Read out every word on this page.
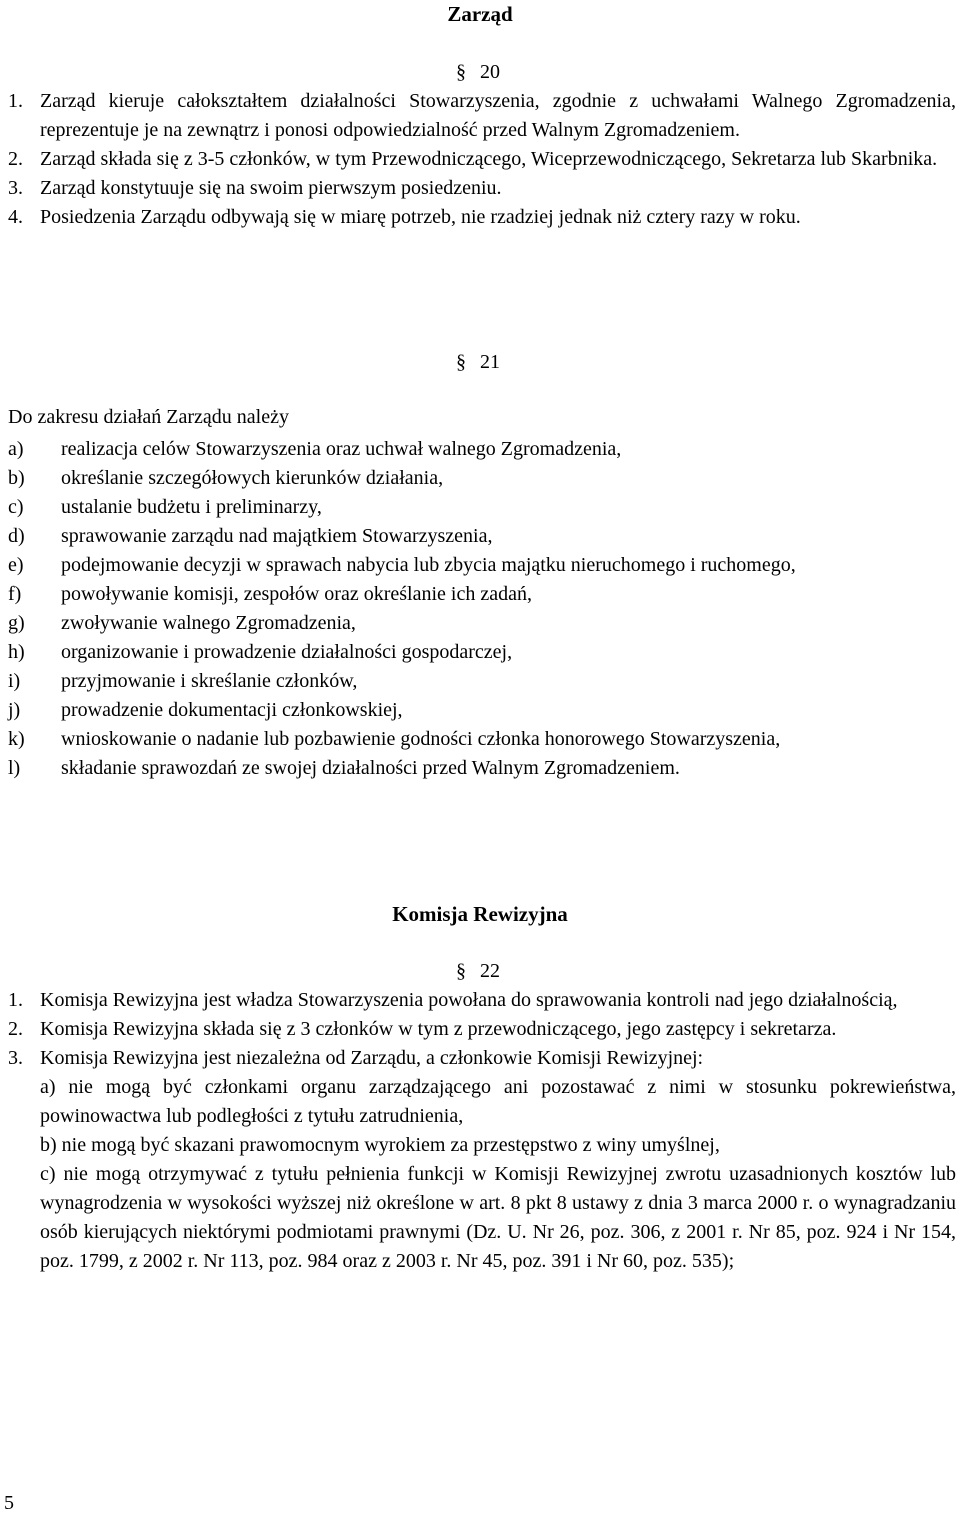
Zarząd

§ 20

1. Zarząd kieruje całokształtem działalności Stowarzyszenia, zgodnie z uchwałami Walnego Zgromadzenia, reprezentuje je na zewnątrz i ponosi odpowiedzialność przed Walnym Zgromadzeniem.
2. Zarząd składa się z 3-5 członków, w tym Przewodniczącego, Wiceprzewodniczącego, Sekretarza lub Skarbnika.
3. Zarząd konstytuuje się na swoim pierwszym posiedzeniu.
4. Posiedzenia Zarządu odbywają się w miarę potrzeb, nie rzadziej jednak niż cztery razy w roku.

§ 21

Do zakresu działań Zarządu należy

a)	realizacja celów Stowarzyszenia oraz uchwał walnego Zgromadzenia,
b)	określanie szczegółowych kierunków działania,
c)	ustalanie budżetu i preliminarzy,
d)	sprawowanie zarządu nad majątkiem Stowarzyszenia,
e)	podejmowanie decyzji w sprawach nabycia lub zbycia majątku nieruchomego i ruchomego,
f)	powoływanie komisji, zespołów oraz określanie ich zadań,
g)	zwoływanie walnego Zgromadzenia,
h)	organizowanie i prowadzenie działalności gospodarczej,
i)	przyjmowanie i skreślanie członków,
j)	prowadzenie dokumentacji członkowskiej,
k)	wnioskowanie o nadanie lub pozbawienie godności członka honorowego Stowarzyszenia,
l)	składanie sprawozdań ze swojej działalności przed Walnym Zgromadzeniem.
Komisja Rewizyjna

§ 22

1. Komisja Rewizyjna jest władza Stowarzyszenia powołana do sprawowania kontroli nad jego działalnością,
2. Komisja Rewizyjna składa się z 3 członków w tym z przewodniczącego, jego zastępcy i sekretarza.
3. Komisja Rewizyjna jest niezależna od Zarządu, a członkowie Komisji Rewizyjnej:

a) nie mogą być członkami organu zarządzającego ani pozostawać z nimi w stosunku pokrewieństwa, powinowactwa lub podległości z tytułu zatrudnienia,

b) nie mogą być skazani prawomocnym wyrokiem za przestępstwo z winy umyślnej,

c) nie mogą otrzymywać z tytułu pełnienia funkcji w Komisji Rewizyjnej zwrotu uzasadnionych kosztów lub wynagrodzenia w wysokości wyższej niż określone w art. 8 pkt 8 ustawy z dnia 3 marca 2000 r. o wynagradzaniu osób kierujących niektórymi podmiotami prawnymi (Dz. U. Nr 26, poz. 306, z 2001 r. Nr 85, poz. 924 i Nr 154, poz. 1799, z 2002 r. Nr 113, poz. 984 oraz z 2003 r. Nr 45, poz. 391 i Nr 60, poz. 535);

5
